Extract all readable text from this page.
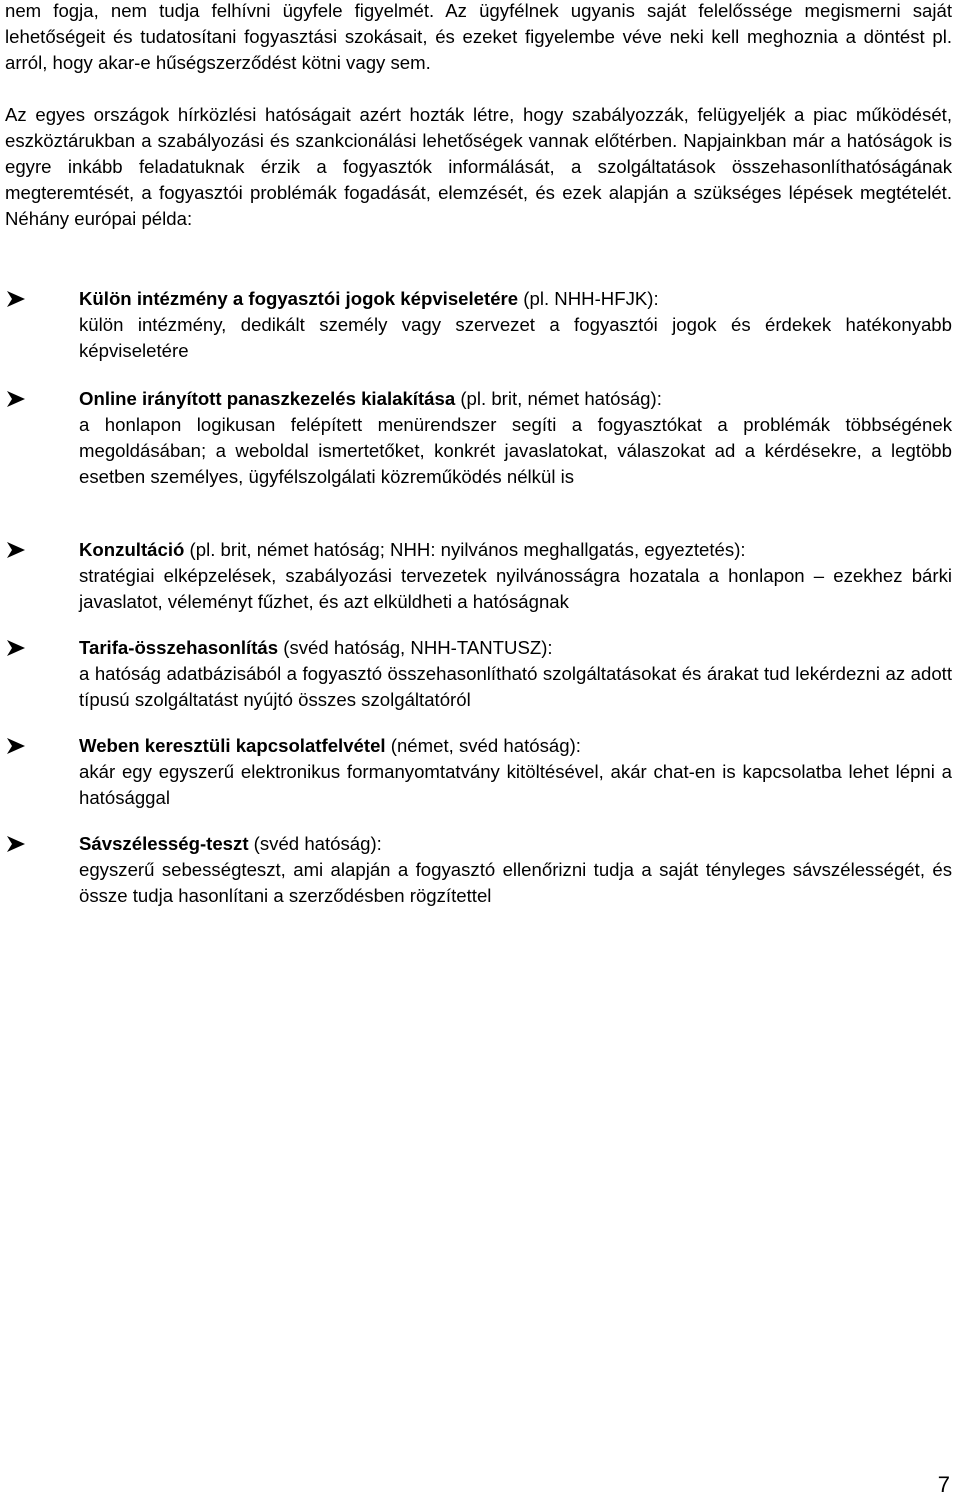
nem fogja, nem tudja felhívni ügyfele figyelmét. Az ügyfélnek ugyanis saját felelőssége megismerni saját lehetőségeit és tudatosítani fogyasztási szokásait, és ezeket figyelembe véve neki kell meghoznia a döntést pl. arról, hogy akar-e hűségszerződést kötni vagy sem.

Az egyes országok hírközlési hatóságait azért hozták létre, hogy szabályozzák, felügyeljék a piac működését, eszköztárukban a szabályozási és szankcionálási lehetőségek vannak előtérben. Napjainkban már a hatóságok is egyre inkább feladatuknak érzik a fogyasztók informálását, a szolgáltatások összehasonlíthatóságának megteremtését, a fogyasztói problémák fogadását, elemzését, és ezek alapján a szükséges lépések megtételét. Néhány európai példa:

Külön intézmény a fogyasztói jogok képviseletére (pl. NHH-HFJK):
külön intézmény, dedikált személy vagy szervezet a fogyasztói jogok és érdekek hatékonyabb képviseletére
Online irányított panaszkezelés kialakítása (pl. brit, német hatóság):
a honlapon logikusan felépített menürendszer segíti a fogyasztókat a problémák többségének megoldásában; a weboldal ismertetőket, konkrét javaslatokat, válaszokat ad a kérdésekre, a legtöbb esetben személyes, ügyfélszolgálati közreműködés nélkül is
Konzultáció (pl. brit, német hatóság; NHH: nyilvános meghallgatás, egyeztetés):
stratégiai elképzelések, szabályozási tervezetek nyilvánosságra hozatala a honlapon – ezekhez bárki javaslatot, véleményt fűzhet, és azt elküldheti a hatóságnak
Tarifa-összehasonlítás (svéd hatóság, NHH-TANTUSZ):
a hatóság adatbázisából a fogyasztó összehasonlítható szolgáltatásokat és árakat tud lekérdezni az adott típusú szolgáltatást nyújtó összes szolgáltatóról
Weben keresztüli kapcsolatfelvétel (német, svéd hatóság):
akár egy egyszerű elektronikus formanyomtatvány kitöltésével, akár chat-en is kapcsolatba lehet lépni a hatósággal
Sávszélesség-teszt (svéd hatóság):
egyszerű sebességteszt, ami alapján a fogyasztó ellenőrizni tudja a saját tényleges sávszélességét, és össze tudja hasonlítani a szerződésben rögzítettel
7
